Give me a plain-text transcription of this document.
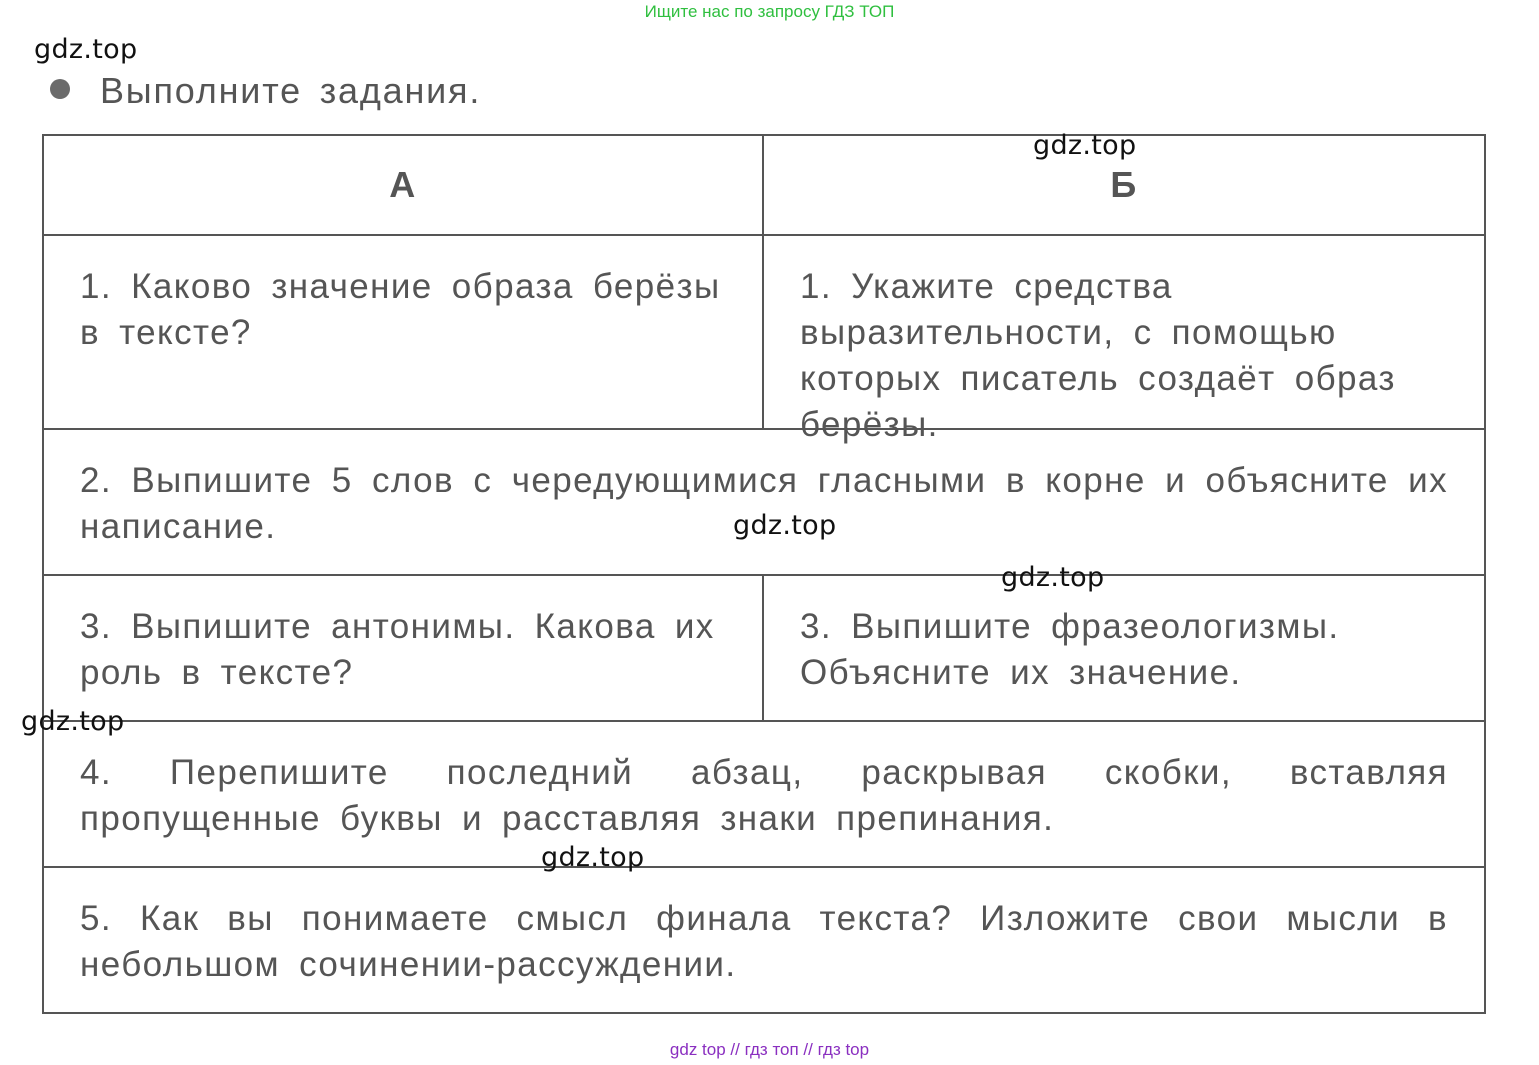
Ищите нас по запросу ГДЗ ТОП
gdz.top
Выполните задания.
А	Б
1. Каково значение образа берёзы в тексте?
1. Укажите средства выразительности, с помощью которых писатель создаёт образ берёзы.
2. Выпишите 5 слов с чередующимися гласными в корне и объясните их написание.
3. Выпишите антонимы. Какова их роль в тексте?
3. Выпишите фразеологизмы. Объясните их значение.
4. Перепишите последний абзац, раскрывая скобки, вставляя пропущенные буквы и расставляя знаки препинания.
5. Как вы понимаете смысл финала текста? Изложите свои мысли в небольшом сочинении-рассуждении.
gdz.top
gdz.top
gdz.top
gdz.top
gdz.top
gdz top // гдз топ // гдз top
